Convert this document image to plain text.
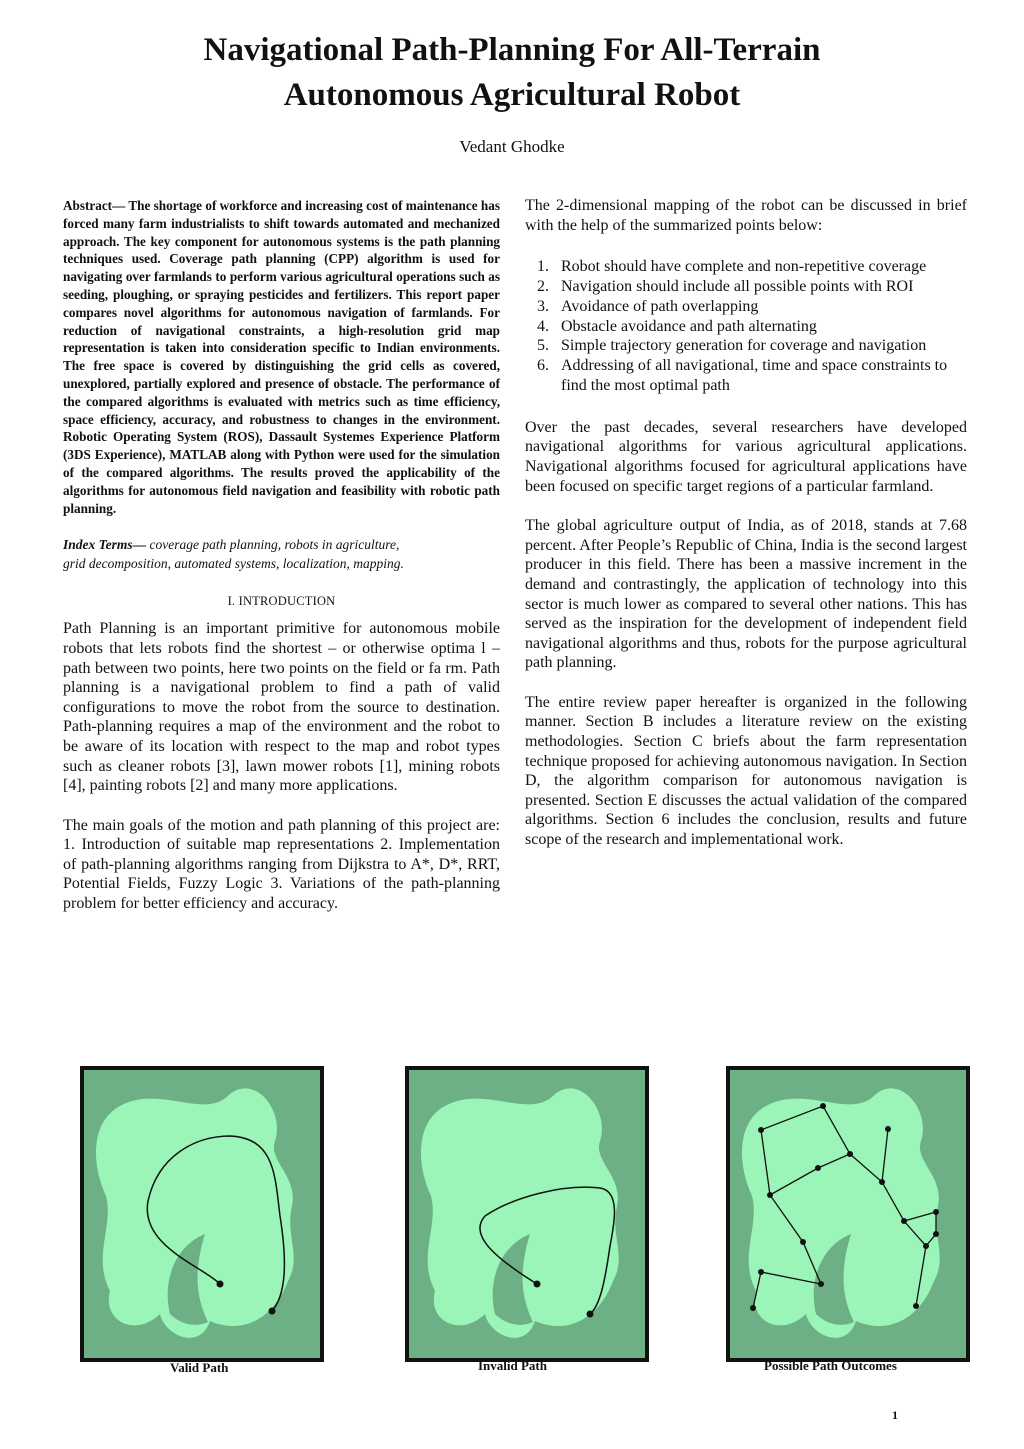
Navigational Path-Planning For All-Terrain
Autonomous Agricultural Robot
Vedant Ghodke

Abstract— The shortage of workforce and increasing cost of maintenance has forced many farm industrialists to shift towards automated and mechanized approach. The key component for autonomous systems is the path planning techniques used. Coverage path planning (CPP) algorithm is used for navigating over farmlands to perform various agricultural operations such as seeding, ploughing, or spraying pesticides and fertilizers. This report paper compares novel algorithms for autonomous navigation of farmlands. For reduction of navigational constraints, a high-resolution grid map representation is taken into consideration specific to Indian environments. The free space is covered by distinguishing the grid cells as covered, unexplored, partially explored and presence of obstacle. The performance of the compared algorithms is evaluated with metrics such as time efficiency, space efficiency, accuracy, and robustness to changes in the environment. Robotic Operating System (ROS), Dassault Systemes Experience Platform (3DS Experience), MATLAB along with Python were used for the simulation of the compared algorithms. The results proved the applicability of the algorithms for autonomous field navigation and feasibility with robotic path planning.

Index Terms— coverage path planning, robots in agriculture,
grid decomposition, automated systems, localization, mapping.

I. INTRODUCTION

Path Planning is an important primitive for autonomous mobile robots that lets robots find the shortest – or otherwise optima l – path between two points, here two points on the field or fa rm. Path planning is a navigational problem to find a path of valid configurations to move the robot from the source to destination. Path-planning requires a map of the environment and the robot to be aware of its location with respect to the map and robot types such as cleaner robots [3], lawn mower robots [1], mining robots [4], painting robots [2] and many more applications.

The main goals of the motion and path planning of this project are: 1. Introduction of suitable map representations 2. Implementation of path-planning algorithms ranging from Dijkstra to A*, D*, RRT, Potential Fields, Fuzzy Logic 3. Variations of the path-planning problem for better efficiency and accuracy.

The 2-dimensional mapping of the robot can be discussed in brief with the help of the summarized points below:

1. Robot should have complete and non-repetitive coverage
2. Navigation should include all possible points with ROI
3. Avoidance of path overlapping
4. Obstacle avoidance and path alternating
5. Simple trajectory generation for coverage and navigation
6. Addressing of all navigational, time and space constraints to find the most optimal path

Over the past decades, several researchers have developed navigational algorithms for various agricultural applications. Navigational algorithms focused for agricultural applications have been focused on specific target regions of a particular farmland.

The global agriculture output of India, as of 2018, stands at 7.68 percent. After People’s Republic of China, India is the second largest producer in this field. There has been a massive increment in the demand and contrastingly, the application of technology into this sector is much lower as compared to several other nations. This has served as the inspiration for the development of independent field navigational algorithms and thus, robots for the purpose agricultural path planning.

The entire review paper hereafter is organized in the following manner. Section B includes a literature review on the existing methodologies. Section C briefs about the farm representation technique proposed for achieving autonomous navigation. In Section D, the algorithm comparison for autonomous navigation is presented. Section E discusses the actual validation of the compared algorithms. Section 6 includes the conclusion, results and future scope of the research and implementational work.

Valid Path	Invalid Path	Possible Path Outcomes
1
